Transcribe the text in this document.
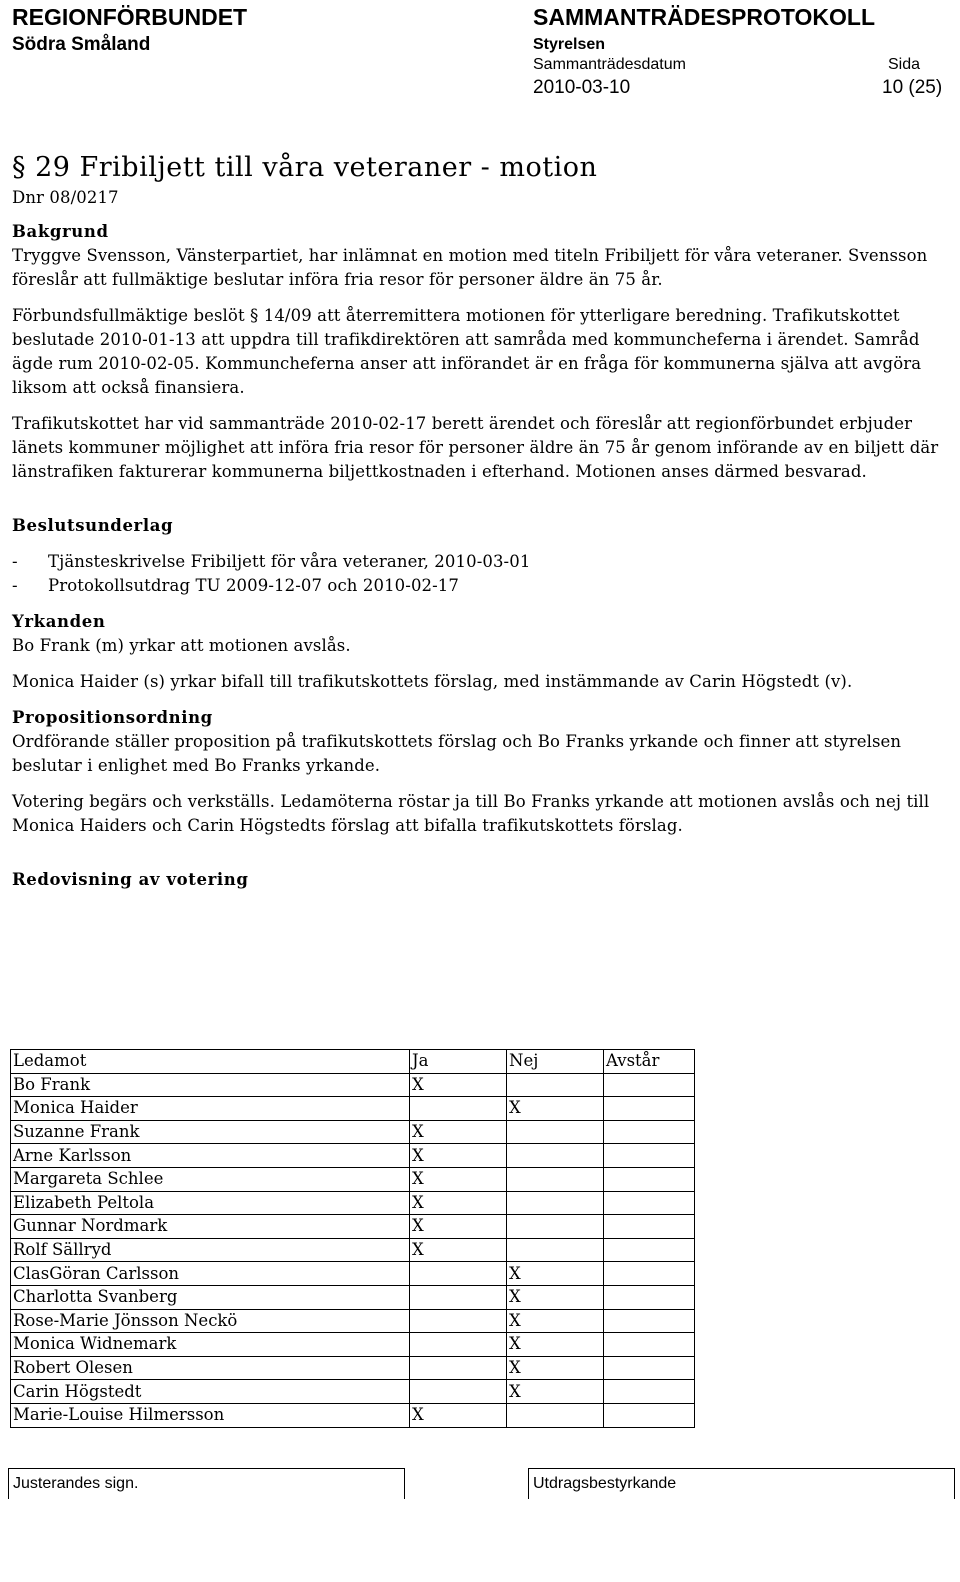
REGIONFÖRBUNDET
Södra Småland
SAMMANTRÄDESPROTOKOLL
Styrelsen
Sammanträdesdatum	Sida
2010-03-10	10 (25)
§ 29 Fribiljett till våra veteraner - motion

Dnr 08/0217

Bakgrund

Tryggve Svensson, Vänsterpartiet, har inlämnat en motion med titeln Fribiljett för våra veteraner. Svensson föreslår att fullmäktige beslutar införa fria resor för personer äldre än 75 år.

Förbundsfullmäktige beslöt § 14/09 att återremittera motionen för ytterligare beredning. Trafikutskottet beslutade 2010-01-13 att uppdra till trafikdirektören att samråda med kommuncheferna i ärendet. Samråd ägde rum 2010-02-05. Kommuncheferna anser att införandet är en fråga för kommunerna själva att avgöra liksom att också finansiera.

Trafikutskottet har vid sammanträde 2010-02-17 berett ärendet och föreslår att regionförbundet erbjuder länets kommuner möjlighet att införa fria resor för personer äldre än 75 år genom införande av en biljett där länstrafiken fakturerar kommunerna biljettkostnaden i efterhand. Motionen anses därmed besvarad.

Beslutsunderlag

- Tjänsteskrivelse Fribiljett för våra veteraner, 2010-03-01
- Protokollsutdrag TU 2009-12-07 och 2010-02-17

Yrkanden

Bo Frank (m) yrkar att motionen avslås.

Monica Haider (s) yrkar bifall till trafikutskottets förslag, med instämmande av Carin Högstedt (v).

Propositionsordning

Ordförande ställer proposition på trafikutskottets förslag och Bo Franks yrkande och finner att styrelsen beslutar i enlighet med Bo Franks yrkande.

Votering begärs och verkställs. Ledamöterna röstar ja till Bo Franks yrkande att motionen avslås och nej till Monica Haiders och Carin Högstedts förslag att bifalla trafikutskottets förslag.

Redovisning av votering

Ledamot	Ja	Nej	Avstår
Bo Frank	X		
Monica Haider		X	
Suzanne Frank	X		
Arne Karlsson	X		
Margareta Schlee	X		
Elizabeth Peltola	X		
Gunnar Nordmark	X		
Rolf Sällryd	X		
ClasGöran Carlsson		X	
Charlotta Svanberg		X	
Rose-Marie Jönsson Neckö		X	
Monica Widnemark		X	
Robert Olesen		X	
Carin Högstedt		X	
Marie-Louise Hilmersson	X		
Justerandes sign.	Utdragsbestyrkande
